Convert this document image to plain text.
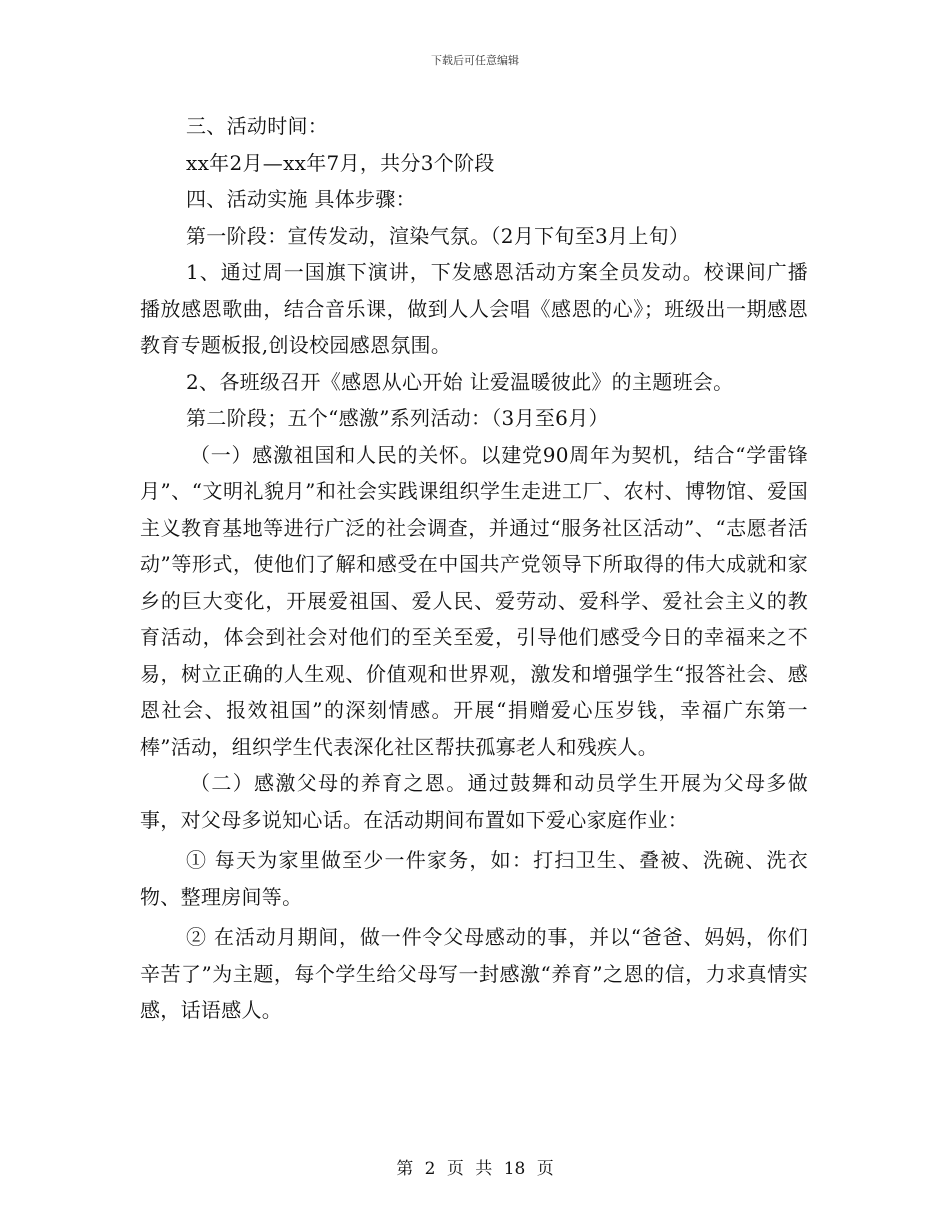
下载后可任意编辑

三、活动时间：

xx年2月—xx年7月，共分3个阶段

四、活动实施 具体步骤：

第一阶段：宣传发动，渲染气氛。（2月下旬至3月上旬）

1、通过周一国旗下演讲，下发感恩活动方案全员发动。校课间广播播放感恩歌曲，结合音乐课，做到人人会唱《感恩的心》；班级出一期感恩教育专题板报,创设校园感恩氛围。

2、各班级召开《感恩从心开始 让爱温暖彼此》的主题班会。

第二阶段；五个“感激”系列活动：（3月至6月）

（一）感激祖国和人民的关怀。以建党90周年为契机，结合“学雷锋月”、“文明礼貌月”和社会实践课组织学生走进工厂、农村、博物馆、爱国主义教育基地等进行广泛的社会调查，并通过“服务社区活动”、“志愿者活动”等形式，使他们了解和感受在中国共产党领导下所取得的伟大成就和家乡的巨大变化，开展爱祖国、爱人民、爱劳动、爱科学、爱社会主义的教育活动，体会到社会对他们的至关至爱，引导他们感受今日的幸福来之不易，树立正确的人生观、价值观和世界观，激发和增强学生“报答社会、感恩社会、报效祖国”的深刻情感。开展“捐赠爱心压岁钱，幸福广东第一棒”活动，组织学生代表深化社区帮扶孤寡老人和残疾人。

（二）感激父母的养育之恩。通过鼓舞和动员学生开展为父母多做事，对父母多说知心话。在活动期间布置如下爱心家庭作业：

① 每天为家里做至少一件家务，如：打扫卫生、叠被、洗碗、洗衣物、整理房间等。

② 在活动月期间，做一件令父母感动的事，并以“爸爸、妈妈，你们辛苦了”为主题，每个学生给父母写一封感激“养育”之恩的信，力求真情实感，话语感人。

第 2 页 共 18 页
